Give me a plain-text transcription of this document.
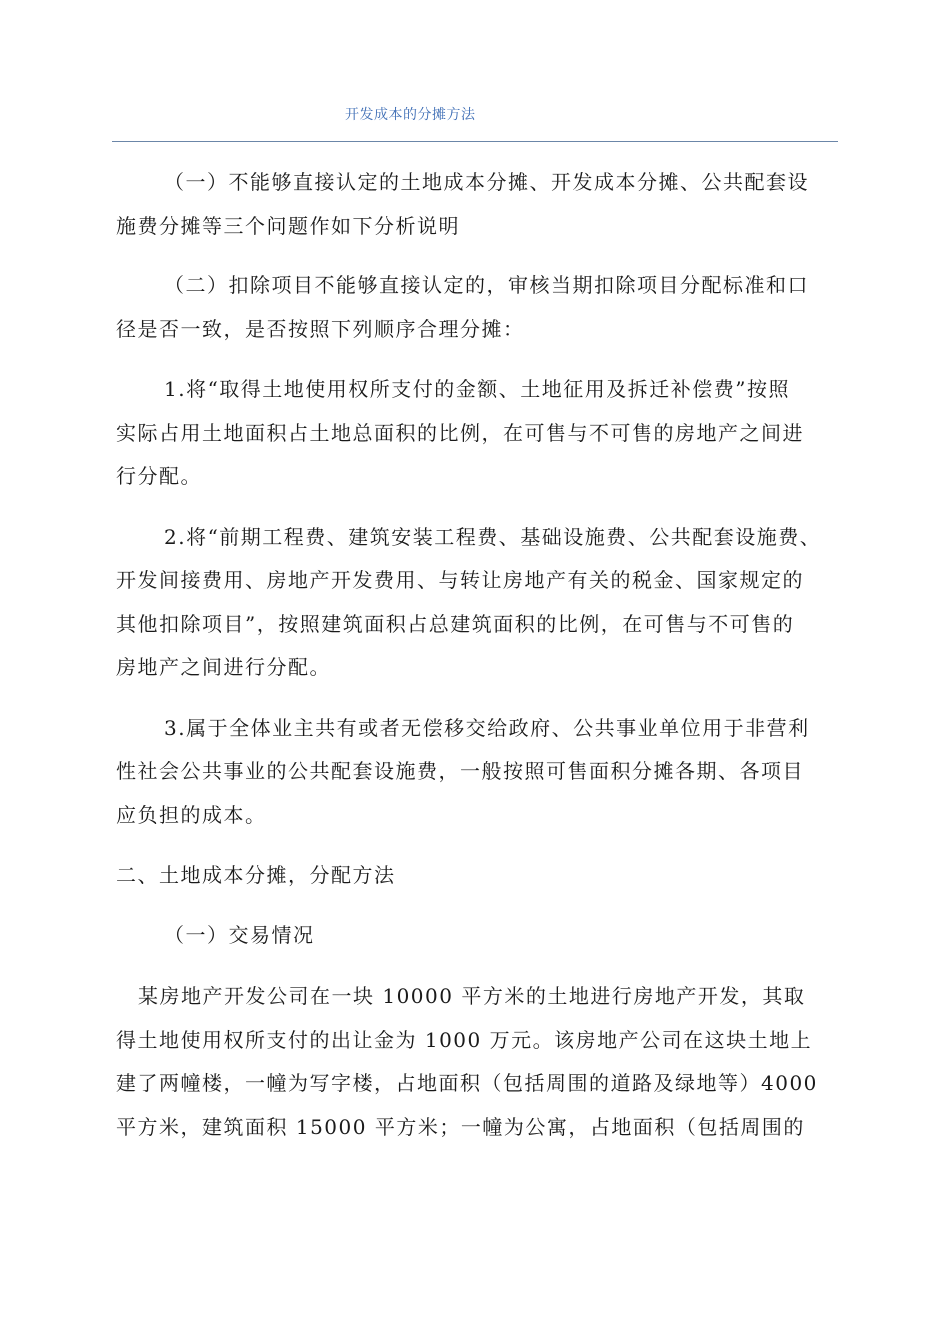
开发成本的分摊方法

（一）不能够直接认定的土地成本分摊、开发成本分摊、公共配套设
施费分摊等三个问题作如下分析说明

（二）扣除项目不能够直接认定的，审核当期扣除项目分配标准和口
径是否一致，是否按照下列顺序合理分摊：

1.将“取得土地使用权所支付的金额、土地征用及拆迁补偿费”按照
实际占用土地面积占土地总面积的比例，在可售与不可售的房地产之间进
行分配。

2.将“前期工程费、建筑安装工程费、基础设施费、公共配套设施费、
开发间接费用、房地产开发费用、与转让房地产有关的税金、国家规定的
其他扣除项目”，按照建筑面积占总建筑面积的比例，在可售与不可售的
房地产之间进行分配。

3.属于全体业主共有或者无偿移交给政府、公共事业单位用于非营利
性社会公共事业的公共配套设施费，一般按照可售面积分摊各期、各项目
应负担的成本。

二、土地成本分摊，分配方法

（一）交易情况

某房地产开发公司在一块 10000 平方米的土地进行房地产开发，其取
得土地使用权所支付的出让金为 1000 万元。该房地产公司在这块土地上
建了两幢楼，一幢为写字楼，占地面积（包括周围的道路及绿地等）4000
平方米，建筑面积 15000 平方米；一幢为公寓，占地面积（包括周围的
